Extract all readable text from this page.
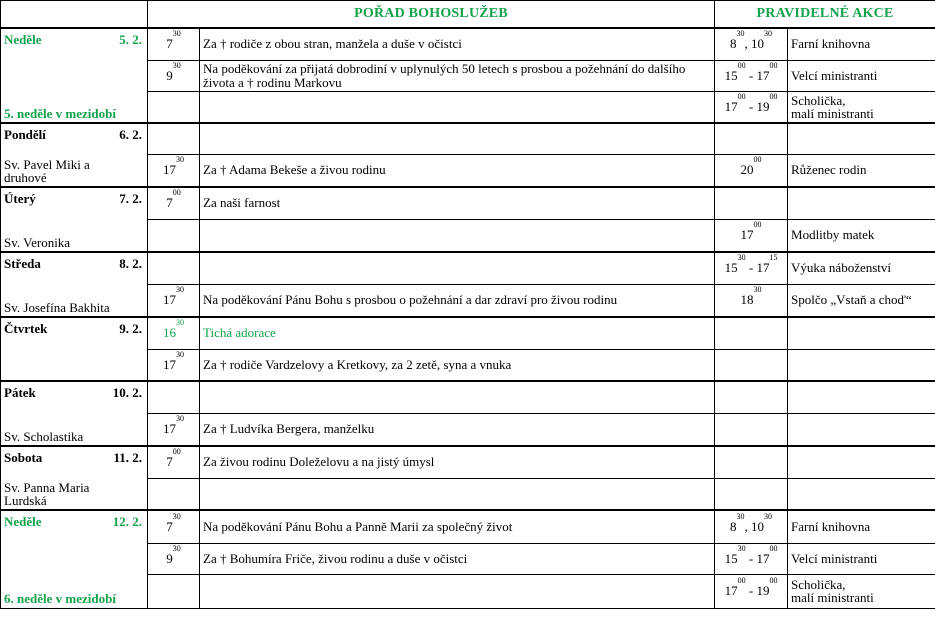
	POŘAD BOHOSLUŽEB		PRAVIDELNÉ AKCE	

Neděle 5. 2.
5. neděle v mezidobí	$7^{30}$	Za † rodiče z obou stran, manžela a duše v očistci	$8^{30}$, $10^{30}$	Farní knihovna
	$9^{30}$	Na poděkování za přijatá dobrodiní v uplynulých 50 letech s prosbou a požehnání do dalšího života a † rodinu Markovu	$15^{00} - 17^{00}$	Velcí ministranti
			$17^{00} - 19^{00}$	Scholička,
malí ministranti

Pondělí 6. 2.
Sv. Pavel Miki a druhové				

	$17^{30}$	Za † Adama Bekeše a živou rodinu	$20^{00}$	Růženec rodin

Úterý 7. 2.
Sv. Veronika	$7^{00}$	Za naši farnost		
			$17^{00}$	Modlitby matek

Středa 8. 2.
Sv. Josefína Bakhita			$15^{30} - 17^{15}$	Výuka náboženství
	$17^{30}$	Na poděkování Pánu Bohu s prosbou o požehnání a dar zdraví pro živou rodinu	$18^{30}$	Spolčo „Vstaň a choď“

Čtvrtek 9. 2.	$16^{30}$	Tichá adorace		
	$17^{30}$	Za † rodiče Vardzelovy a Kretkovy, za 2 zetě, syna a vnuka		

Pátek 10. 2.
Sv. Scholastika				

	$17^{30}$	Za † Ludvíka Bergera, manželku		

Sobota 11. 2.
Sv. Panna Maria Lurdská	$7^{00}$	Za živou rodinu Doleželovu a na jistý úmysl		

Neděle 12. 2.
6. neděle v mezidobí	$7^{30}$	Na poděkování Pánu Bohu a Panně Marii za společný život	$8^{30}$, $10^{30}$	Farní knihovna
	$9^{30}$	Za † Bohumíra Friče, živou rodinu a duše v očistci	$15^{30} - 17^{00}$	Velcí ministranti
			$17^{00} - 19^{00}$	Scholička,
malí ministranti
